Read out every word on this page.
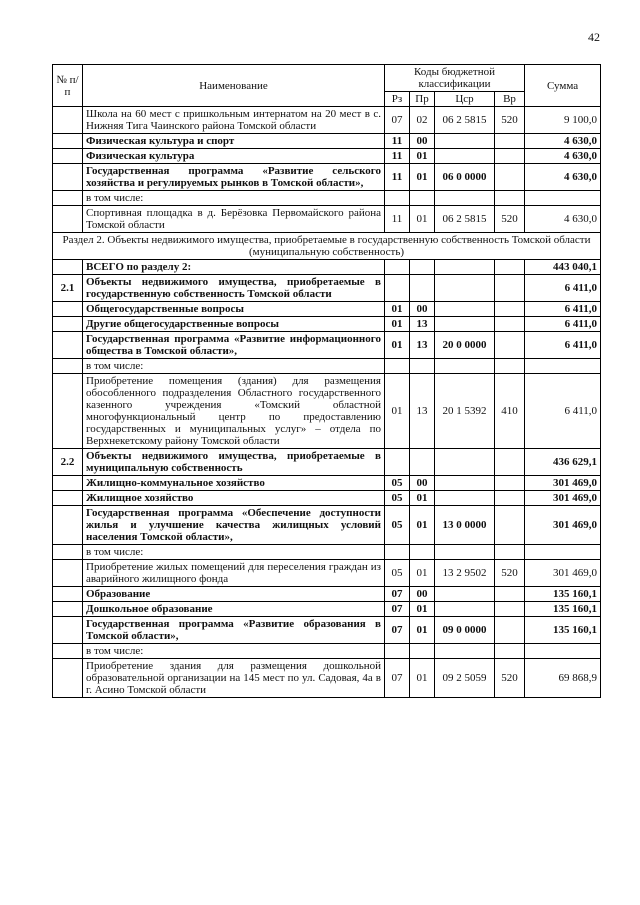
42
№ п/п	Наименование	Коды бюджетной классификации				Сумма
		Рз	Пр	Цср	Вр	
	Школа на 60 мест с пришкольным интернатом на 20 мест в с. Нижняя Тига Чаинского района Томской области	07	02	06 2 5815	520	9 100,0
	Физическая культура и спорт	11	00			4 630,0
	Физическая культура	11	01			4 630,0
	Государственная программа «Развитие сельского хозяйства и регулируемых рынков в Томской области»,	11	01	06 0 0000		4 630,0
	в том числе:					
	Спортивная площадка в д. Берёзовка Первомайского района Томской области	11	01	06 2 5815	520	4 630,0
Раздел 2. Объекты недвижимого имущества, приобретаемые в государственную собственность Томской области (муниципальную собственность)						
	ВСЕГО по разделу 2:					443 040,1
2.1	Объекты недвижимого имущества, приобретаемые в государственную собственность Томской области					6 411,0
	Общегосударственные вопросы	01	00			6 411,0
	Другие общегосударственные вопросы	01	13			6 411,0
	Государственная программа «Развитие информационного общества в Томской области»,	01	13	20 0 0000		6 411,0
	в том числе:					
	Приобретение помещения (здания) для размещения обособленного подразделения Областного государственного казенного учреждения «Томский областной многофункциональный центр по предоставлению государственных и муниципальных услуг» – отдела по Верхнекетскому району Томской области	01	13	20 1 5392	410	6 411,0
2.2	Объекты недвижимого имущества, приобретаемые в муниципальную собственность					436 629,1
	Жилищно-коммунальное хозяйство	05	00			301 469,0
	Жилищное хозяйство	05	01			301 469,0
	Государственная программа «Обеспечение доступности жилья и улучшение качества жилищных условий населения Томской области»,	05	01	13 0 0000		301 469,0
	в том числе:					
	Приобретение жилых помещений для переселения граждан из аварийного жилищного фонда	05	01	13 2 9502	520	301 469,0
	Образование	07	00			135 160,1
	Дошкольное образование	07	01			135 160,1
	Государственная программа «Развитие образования в Томской области»,	07	01	09 0 0000		135 160,1
	в том числе:					
	Приобретение здания для размещения дошкольной образовательной организации на 145 мест по ул. Садовая, 4а в г. Асино Томской области	07	01	09 2 5059	520	69 868,9
